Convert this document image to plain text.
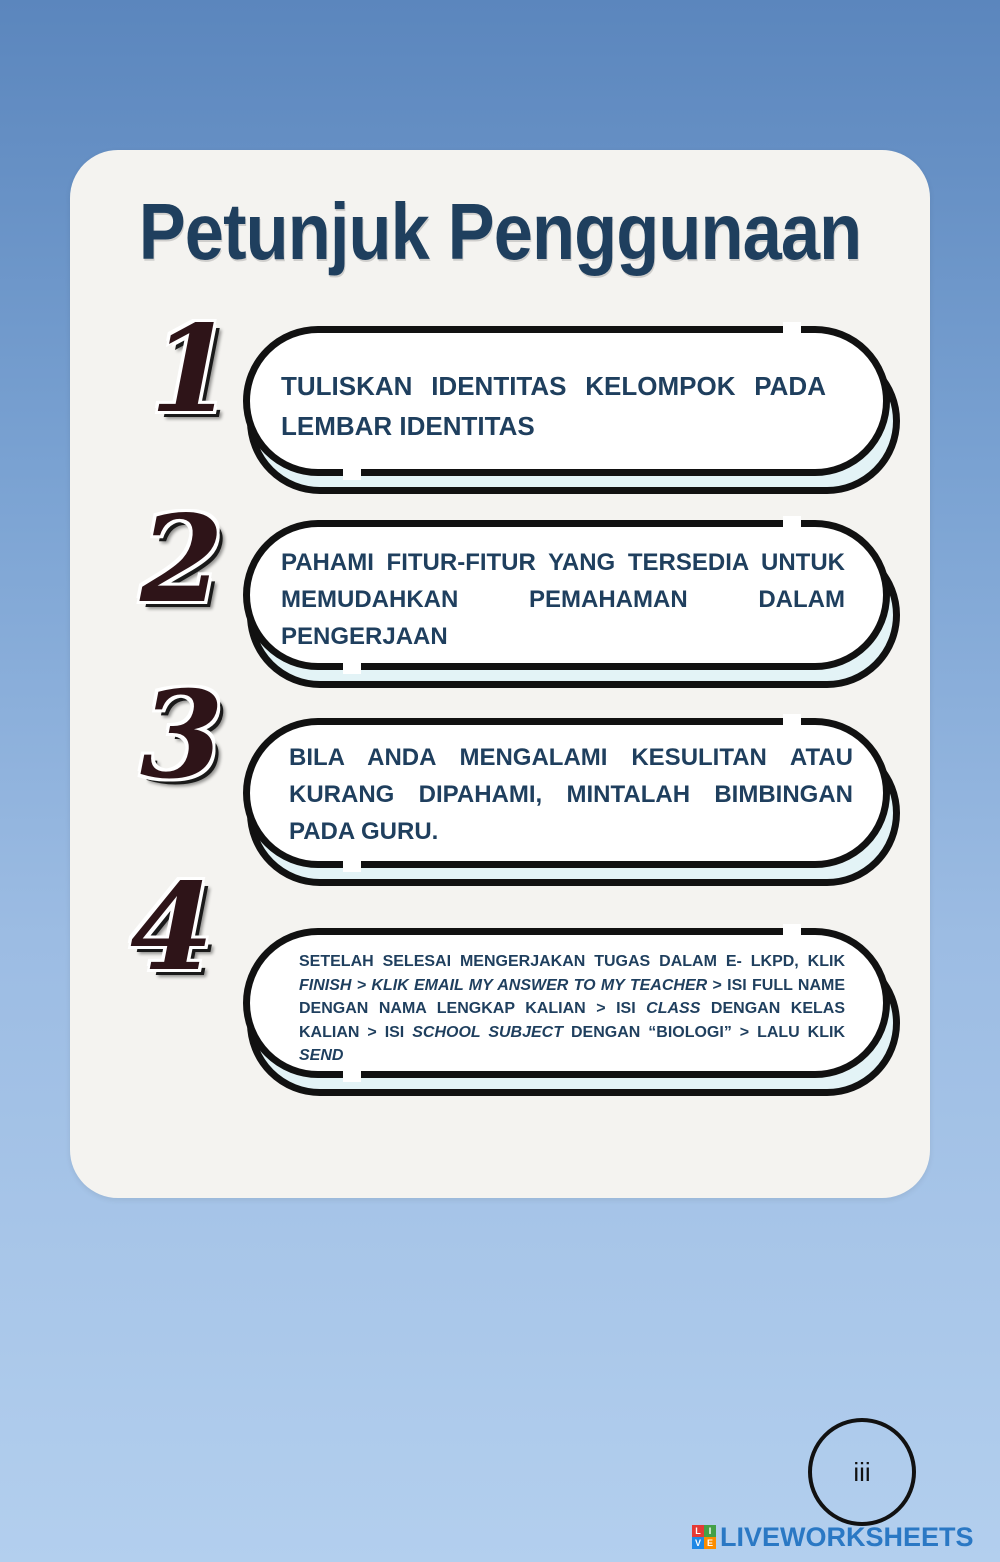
Petunjuk Penggunaan
1
2
3
4
TULISKAN IDENTITAS KELOMPOK PADA LEMBAR IDENTITAS
PAHAMI FITUR-FITUR YANG TERSEDIA UNTUK MEMUDAHKAN PEMAHAMAN DALAM PENGERJAAN
BILA ANDA MENGALAMI KESULITAN ATAU KURANG DIPAHAMI, MINTALAH BIMBINGAN PADA GURU.
SETELAH SELESAI MENGERJAKAN TUGAS DALAM E- LKPD, KLIK FINISH > KLIK EMAIL MY ANSWER TO MY TEACHER > ISI FULL NAME DENGAN NAMA LENGKAP KALIAN > ISI CLASS DENGAN KELAS KALIAN > ISI SCHOOL SUBJECT DENGAN “BIOLOGI” > LALU KLIK SEND
iii
L I
V E LIVEWORKSHEETS
